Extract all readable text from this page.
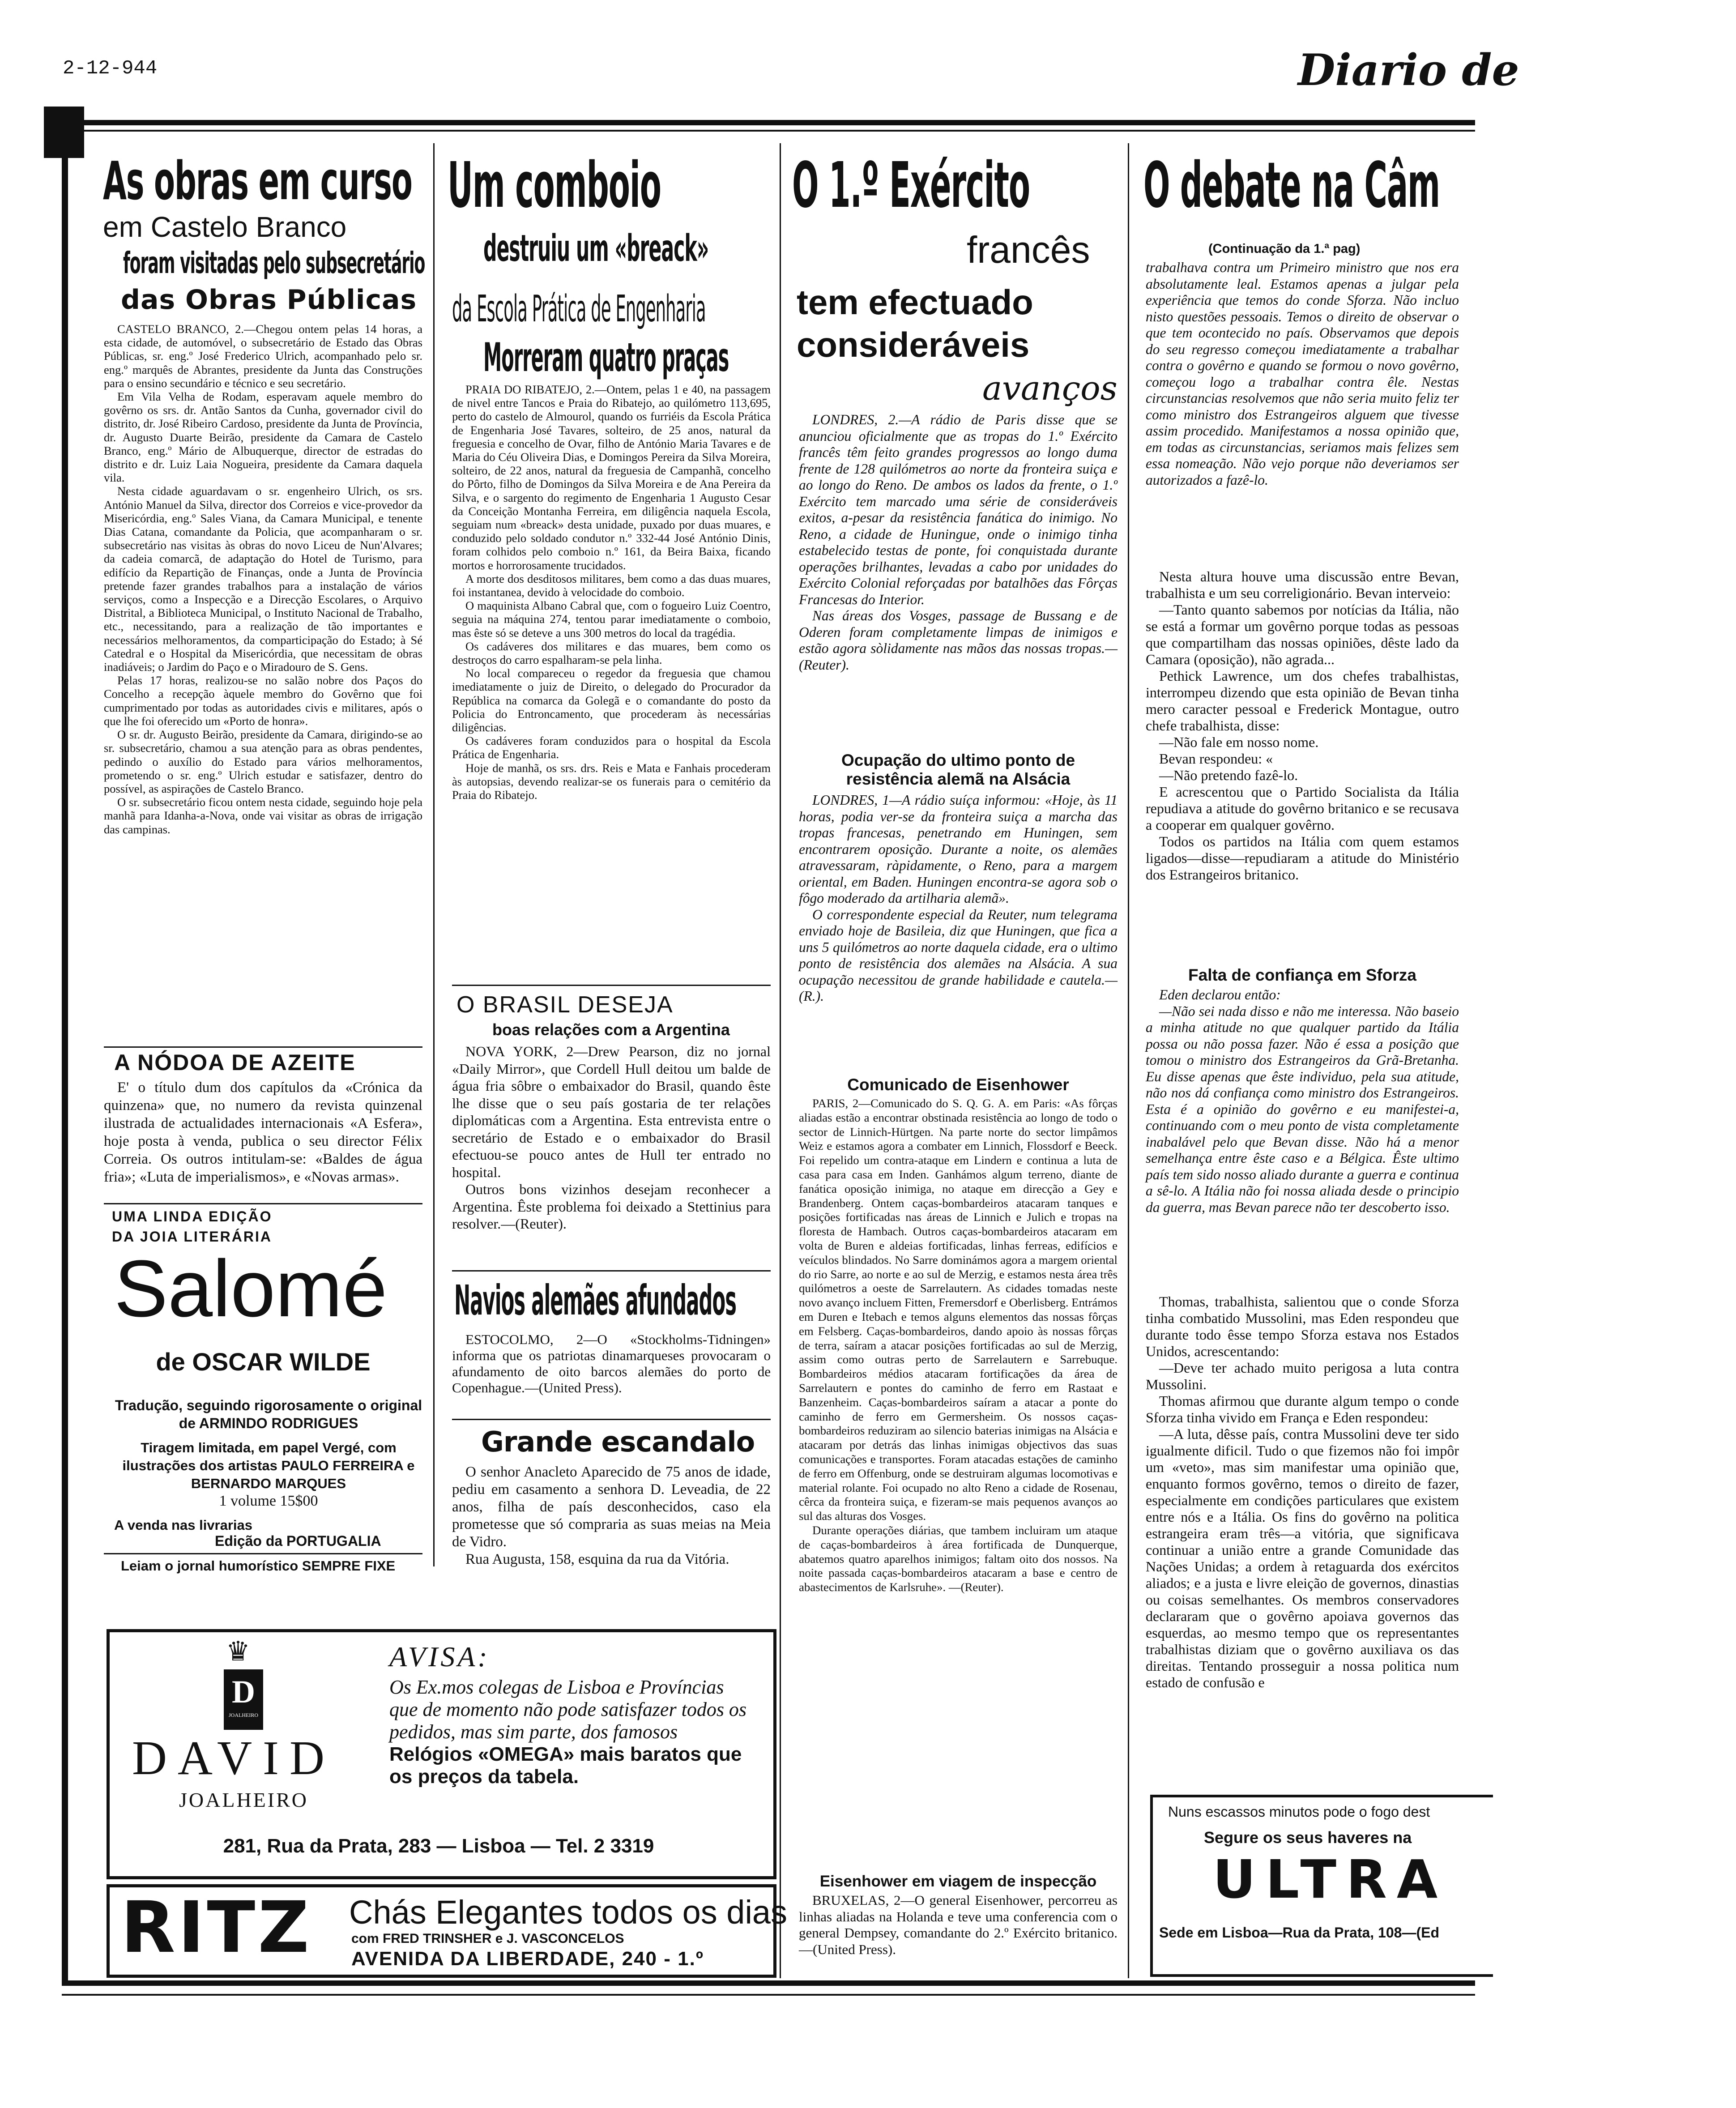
2-12-944	Diario de
As obras em curso
em Castelo Branco
foram visitadas pelo subsecretário
das Obras Públicas

CASTELO BRANCO, 2.—Chegou ontem pelas 14 horas, a esta cidade, de automóvel, o subsecretário de Estado das Obras Públicas, sr. eng.º José Frederico Ulrich, acompanhado pelo sr. eng.º marquês de Abrantes, presidente da Junta das Construções para o ensino secundário e técnico e seu secretário.

Em Vila Velha de Rodam, esperavam aquele membro do govêrno os srs. dr. Antão Santos da Cunha, governador civil do distrito, dr. José Ribeiro Cardoso, presidente da Junta de Província, dr. Augusto Duarte Beirão, presidente da Camara de Castelo Branco, eng.º Mário de Albuquerque, director de estradas do distrito e dr. Luiz Laia Nogueira, presidente da Camara daquela vila.

Nesta cidade aguardavam o sr. engenheiro Ulrich, os srs. António Manuel da Silva, director dos Correios e vice-provedor da Misericórdia, eng.º Sales Viana, da Camara Municipal, e tenente Dias Catana, comandante da Policia, que acompanharam o sr. subsecretário nas visitas às obras do novo Liceu de Nun'Alvares; da cadeia comarcã, de adaptação do Hotel de Turismo, para edifício da Repartição de Finanças, onde a Junta de Província pretende fazer grandes trabalhos para a instalação de vários serviços, como a Inspecção e a Direcção Escolares, o Arquivo Distrital, a Biblioteca Municipal, o Instituto Nacional de Trabalho, etc., necessitando, para a realização de tão importantes e necessários melhoramentos, da comparticipação do Estado; à Sé Catedral e o Hospital da Misericórdia, que necessitam de obras inadiáveis; o Jardim do Paço e o Miradouro de S. Gens.

Pelas 17 horas, realizou-se no salão nobre dos Paços do Concelho a recepção àquele membro do Govêrno que foi cumprimentado por todas as autoridades civis e militares, após o que lhe foi oferecido um «Porto de honra».

O sr. dr. Augusto Beirão, presidente da Camara, dirigindo-se ao sr. subsecretário, chamou a sua atenção para as obras pendentes, pedindo o auxílio do Estado para vários melhoramentos, prometendo o sr. eng.º Ulrich estudar e satisfazer, dentro do possível, as aspirações de Castelo Branco.

O sr. subsecretário ficou ontem nesta cidade, seguindo hoje pela manhã para Idanha-a-Nova, onde vai visitar as obras de irrigação das campinas.

A NÓDOA DE AZEITE

E' o título dum dos capítulos da «Crónica da quinzena» que, no numero da revista quinzenal ilustrada de actualidades internacionais «A Esfera», hoje posta à venda, publica o seu director Félix Correia. Os outros intitulam-se: «Baldes de água fria»; «Luta de imperialismos», e «Novas armas».

UMA LINDA EDIÇÃO
DA JOIA LITERÁRIA
Salomé
de OSCAR WILDE
Tradução, seguindo rigorosamente o original de ARMINDO RODRIGUES
Tiragem limitada, em papel Vergé, com ilustrações dos artistas PAULO FERREIRA e BERNARDO MARQUES
1 volume 15$00
A venda nas livrarias
Edição da PORTUGALIA
Leiam o jornal humorístico SEMPRE FIXE
Um comboio
destruiu um «breack»
da Escola Prática de Engenharia
Morreram quatro praças

PRAIA DO RIBATEJO, 2.—Ontem, pelas 1 e 40, na passagem de nivel entre Tancos e Praia do Ribatejo, ao quilómetro 113,695, perto do castelo de Almourol, quando os furriéis da Escola Prática de Engenharia José Tavares, solteiro, de 25 anos, natural da freguesia e concelho de Ovar, filho de António Maria Tavares e de Maria do Céu Oliveira Dias, e Domingos Pereira da Silva Moreira, solteiro, de 22 anos, natural da freguesia de Campanhã, concelho do Pôrto, filho de Domingos da Silva Moreira e de Ana Pereira da Silva, e o sargento do regimento de Engenharia 1 Augusto Cesar da Conceição Montanha Ferreira, em diligência naquela Escola, seguiam num «breack» desta unidade, puxado por duas muares, e conduzido pelo soldado condutor n.º 332-44 José António Dinis, foram colhidos pelo comboio n.º 161, da Beira Baixa, ficando mortos e horrorosamente trucidados.

A morte dos desditosos militares, bem como a das duas muares, foi instantanea, devido à velocidade do comboio.

O maquinista Albano Cabral que, com o fogueiro Luiz Coentro, seguia na máquina 274, tentou parar imediatamente o comboio, mas êste só se deteve a uns 300 metros do local da tragédia.

Os cadáveres dos militares e das muares, bem como os destroços do carro espalharam-se pela linha.

No local compareceu o regedor da freguesia que chamou imediatamente o juiz de Direito, o delegado do Procurador da República na comarca da Golegã e o comandante do posto da Policia do Entroncamento, que procederam às necessárias diligências.

Os cadáveres foram conduzidos para o hospital da Escola Prática de Engenharia.

Hoje de manhã, os srs. drs. Reis e Mata e Fanhais procederam às autopsias, devendo realizar-se os funerais para o cemitério da Praia do Ribatejo.

O BRASIL DESEJA
boas relações com a Argentina

NOVA YORK, 2—Drew Pearson, diz no jornal «Daily Mirror», que Cordell Hull deitou um balde de água fria sôbre o embaixador do Brasil, quando êste lhe disse que o seu país gostaria de ter relações diplomáticas com a Argentina. Esta entrevista entre o secretário de Estado e o embaixador do Brasil efectuou-se pouco antes de Hull ter entrado no hospital.

Outros bons vizinhos desejam reconhecer a Argentina. Êste problema foi deixado a Stettinius para resolver.—(Reuter).

Navios alemães afundados

ESTOCOLMO, 2—O «Stockholms-Tidningen» informa que os patriotas dinamarqueses provocaram o afundamento de oito barcos alemães do porto de Copenhague.—(United Press).

Grande escandalo

O senhor Anacleto Aparecido de 75 anos de idade, pediu em casamento a senhora D. Leveadia, de 22 anos, filha de país desconhecidos, caso ela prometesse que só compraria as suas meias na Meia de Vidro.

Rua Augusta, 158, esquina da rua da Vitória.

O 1.º Exército
francês
tem efectuado
consideráveis
avanços

LONDRES, 2.—A rádio de Paris disse que se anunciou oficialmente que as tropas do 1.º Exército francês têm feito grandes progressos ao longo duma frente de 128 quilómetros ao norte da fronteira suiça e ao longo do Reno. De ambos os lados da frente, o 1.º Exército tem marcado uma série de consideráveis exitos, a-pesar da resistência fanática do inimigo. No Reno, a cidade de Huningue, onde o inimigo tinha estabelecido testas de ponte, foi conquistada durante operações brilhantes, levadas a cabo por unidades do Exército Colonial reforçadas por batalhões das Fôrças Francesas do Interior.

Nas áreas dos Vosges, passage de Bussang e de Oderen foram completamente limpas de inimigos e estão agora sòlidamente nas mãos das nossas tropas.—(Reuter).

Ocupação do ultimo ponto de resistência alemã na Alsácia

LONDRES, 1—A rádio suíça informou: «Hoje, às 11 horas, podia ver-se da fronteira suiça a marcha das tropas francesas, penetrando em Huningen, sem encontrarem oposição. Durante a noite, os alemães atravessaram, ràpidamente, o Reno, para a margem oriental, em Baden. Huningen encontra-se agora sob o fôgo moderado da artilharia alemã».

O correspondente especial da Reuter, num telegrama enviado hoje de Basileia, diz que Huningen, que fica a uns 5 quilómetros ao norte daquela cidade, era o ultimo ponto de resistência dos alemães na Alsácia. A sua ocupação necessitou de grande habilidade e cautela.—(R.).

Comunicado de Eisenhower

PARIS, 2—Comunicado do S. Q. G. A. em Paris: «As fôrças aliadas estão a encontrar obstinada resistência ao longo de todo o sector de Linnich-Hürtgen. Na parte norte do sector limpâmos Weiz e estamos agora a combater em Linnich, Flossdorf e Beeck. Foi repelido um contra-ataque em Lindern e continua a luta de casa para casa em Inden. Ganhámos algum terreno, diante de fanática oposição inimiga, no ataque em direcção a Gey e Brandenberg. Ontem caças-bombardeiros atacaram tanques e posições fortificadas nas áreas de Linnich e Julich e tropas na floresta de Hambach. Outros caças-bombardeiros atacaram em volta de Buren e aldeias fortificadas, linhas ferreas, edifícios e veículos blindados. No Sarre dominámos agora a margem oriental do rio Sarre, ao norte e ao sul de Merzig, e estamos nesta área três quilómetros a oeste de Sarrelautern. As cidades tomadas neste novo avanço incluem Fitten, Fremersdorf e Oberlisberg. Entrámos em Duren e Itebach e temos alguns elementos das nossas fôrças em Felsberg. Caças-bombardeiros, dando apoio às nossas fôrças de terra, saíram a atacar posições fortificadas ao sul de Merzig, assim como outras perto de Sarrelautern e Sarrebuque. Bombardeiros médios atacaram fortificações da área de Sarrelautern e pontes do caminho de ferro em Rastaat e Banzenheim. Caças-bombardeiros saíram a atacar a ponte do caminho de ferro em Germersheim. Os nossos caças-bombardeiros reduziram ao silencio baterias inimigas na Alsácia e atacaram por detrás das linhas inimigas objectivos das suas comunicações e transportes. Foram atacadas estações de caminho de ferro em Offenburg, onde se destruiram algumas locomotivas e material rolante. Foi ocupado no alto Reno a cidade de Rosenau, cêrca da fronteira suiça, e fizeram-se mais pequenos avanços ao sul das alturas dos Vosges.

Durante operações diárias, que tambem incluiram um ataque de caças-bombardeiros à área fortificada de Dunquerque, abatemos quatro aparelhos inimigos; faltam oito dos nossos. Na noite passada caças-bombardeiros atacaram a base e centro de abastecimentos de Karlsruhe». —(Reuter).

Eisenhower em viagem de inspecção

BRUXELAS, 2—O general Eisenhower, percorreu as linhas aliadas na Holanda e teve uma conferencia com o general Dempsey, comandante do 2.º Exército britanico.—(United Press).

O debate na Câm
(Continuação da 1.ª pag)

trabalhava contra um Primeiro ministro que nos era absolutamente leal. Estamos apenas a julgar pela experiência que temos do conde Sforza. Não incluo nisto questões pessoais. Temos o direito de observar o que tem ocontecido no país. Observamos que depois do seu regresso começou imediatamente a trabalhar contra o govêrno e quando se formou o novo govêrno, começou logo a trabalhar contra êle. Nestas circunstancias resolvemos que não seria muito feliz ter como ministro dos Estrangeiros alguem que tivesse assim procedido. Manifestamos a nossa opinião que, em todas as circunstancias, seriamos mais felizes sem essa nomeação. Não vejo porque não deveriamos ser autorizados a fazê-lo.

Nesta altura houve uma discussão entre Bevan, trabalhista e um seu correligionário. Bevan interveio:

—Tanto quanto sabemos por notícias da Itália, não se está a formar um govêrno porque todas as pessoas que compartilham das nossas opiniões, dêste lado da Camara (oposição), não agrada...

Pethick Lawrence, um dos chefes trabalhistas, interrompeu dizendo que esta opinião de Bevan tinha mero caracter pessoal e Frederick Montague, outro chefe trabalhista, disse:

—Não fale em nosso nome.

Bevan respondeu: «

—Não pretendo fazê-lo.

E acrescentou que o Partido Socialista da Itália repudiava a atitude do govêrno britanico e se recusava a cooperar em qualquer govêrno.

Todos os partidos na Itália com quem estamos ligados—disse—repudiaram a atitude do Ministério dos Estrangeiros britanico.

Falta de confiança em Sforza

Eden declarou então:

—Não sei nada disso e não me interessa. Não baseio a minha atitude no que qualquer partido da Itália possa ou não possa fazer. Não é essa a posição que tomou o ministro dos Estrangeiros da Grã-Bretanha. Eu disse apenas que êste individuo, pela sua atitude, não nos dá confiança como ministro dos Estrangeiros. Esta é a opinião do govêrno e eu manifestei-a, continuando com o meu ponto de vista completamente inabalável pelo que Bevan disse. Não há a menor semelhança entre êste caso e a Bélgica. Êste ultimo país tem sido nosso aliado durante a guerra e continua a sê-lo. A Itália não foi nossa aliada desde o principio da guerra, mas Bevan parece não ter descoberto isso.

Thomas, trabalhista, salientou que o conde Sforza tinha combatido Mussolini, mas Eden respondeu que durante todo êsse tempo Sforza estava nos Estados Unidos, acrescentando:

—Deve ter achado muito perigosa a luta contra Mussolini.

Thomas afirmou que durante algum tempo o conde Sforza tinha vivido em França e Eden respondeu:

—A luta, dêsse país, contra Mussolini deve ter sido igualmente dificil. Tudo o que fizemos não foi impôr um «veto», mas sim manifestar uma opinião que, enquanto formos govêrno, temos o direito de fazer, especialmente em condições particulares que existem entre nós e a Itália. Os fins do govêrno na politica estrangeira eram três—a vitória, que significava continuar a união entre a grande Comunidade das Nações Unidas; a ordem à retaguarda dos exércitos aliados; e a justa e livre eleição de governos, dinastias ou coisas semelhantes. Os membros conservadores declararam que o govêrno apoiava governos das esquerdas, ao mesmo tempo que os representantes trabalhistas diziam que o govêrno auxiliava os das direitas. Tentando prosseguir a nossa politica num estado de confusão e

Nuns escassos minutos pode o fogo dest
Segure os seus haveres na
ULTRA
Sede em Lisboa—Rua da Prata, 108—(Ed
♛
D
JOALHEIRO
DAVID
JOALHEIRO
AVISA:
Os Ex.mos colegas de Lisboa e Províncias que de momento não pode satisfazer todos os pedidos, mas sim parte, dos famosos Relógios «OMEGA» mais baratos que os preços da tabela.
281, Rua da Prata, 283 — Lisboa — Tel. 2 3319
RITZ Chás Elegantes todos os dias
com FRED TRINSHER e J. VASCONCELOS
AVENIDA DA LIBERDADE, 240 - 1.º
